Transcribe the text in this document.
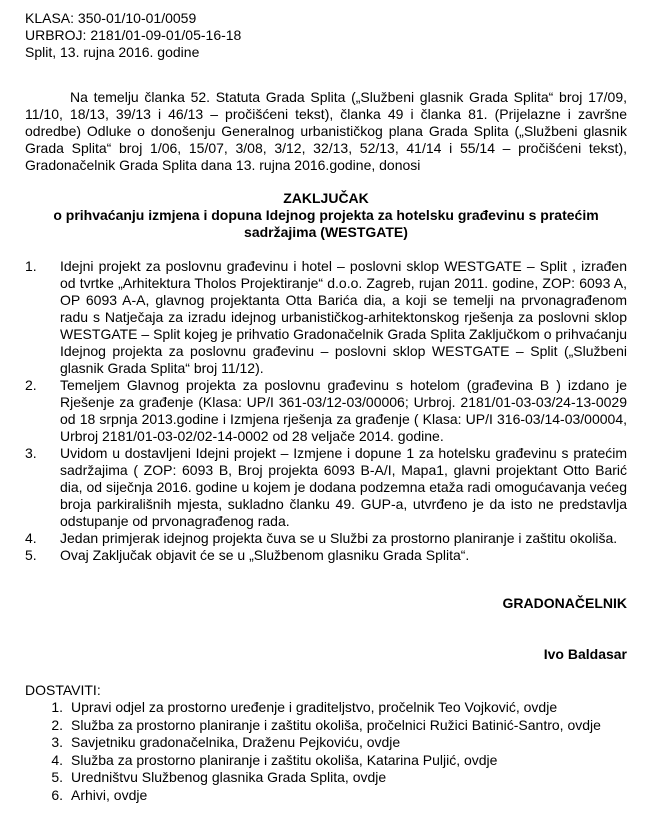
KLASA: 350-01/10-01/0059
URBROJ: 2181/01-09-01/05-16-18
Split, 13. rujna 2016. godine
Na temelju članka 52. Statuta Grada Splita („Službeni glasnik Grada Splita“ broj 17/09, 11/10, 18/13, 39/13 i 46/13 – pročišćeni tekst), članka 49 i članka 81. (Prijelazne i završne odredbe) Odluke o donošenju Generalnog urbanističkog plana Grada Splita („Službeni glasnik Grada Splita“ broj 1/06, 15/07, 3/08, 3/12, 32/13, 52/13, 41/14 i 55/14 – pročišćeni tekst), Gradonačelnik Grada Splita dana 13. rujna 2016.godine, donosi
ZAKLJUČAK
o prihvaćanju izmjena i dopuna Idejnog projekta za hotelsku građevinu s pratećim sadržajima (WESTGATE)
1.	Idejni projekt za poslovnu građevinu i hotel – poslovni sklop WESTGATE – Split , izrađen od tvrtke „Arhitektura Tholos Projektiranje“ d.o.o. Zagreb, rujan 2011. godine, ZOP: 6093 A, OP 6093 A-A, glavnog projektanta Otta Barića dia, a koji se temelji na prvonagrađenom radu s Natječaja za izradu idejnog urbanističkog-arhitektonskog rješenja za poslovni sklop WESTGATE – Split kojeg je prihvatio Gradonačelnik Grada Splita Zaključkom o prihvaćanju Idejnog projekta za poslovnu građevinu – poslovni sklop WESTGATE – Split („Službeni glasnik Grada Splita“ broj 11/12).
2.	Temeljem Glavnog projekta za poslovnu građevinu s hotelom (građevina B ) izdano je Rješenje za građenje (Klasa: UP/I 361-03/12-03/00006; Urbroj. 2181/01-03-03/24-13-0029 od 18 srpnja 2013.godine i Izmjena rješenja za građenje ( Klasa: UP/I 316-03/14-03/00004, Urbroj 2181/01-03-02/02-14-0002 od 28 veljače 2014. godine.
3.	Uvidom u dostavljeni Idejni projekt – Izmjene i dopune 1 za hotelsku građevinu s pratećim sadržajima ( ZOP: 6093 B, Broj projekta 6093 B-A/I, Mapa1, glavni projektant Otto Barić dia, od siječnja 2016. godine u kojem je dodana podzemna etaža radi omogućavanja većeg broja parkirališnih mjesta, sukladno članku 49. GUP-a, utvrđeno je da isto ne predstavlja odstupanje od prvonagrađenog rada.
4.	Jedan primjerak idejnog projekta čuva se u Službi za prostorno planiranje i zaštitu okoliša.
5.	Ovaj Zaključak objavit će se u „Službenom glasniku Grada Splita“.
GRADONAČELNIK
Ivo Baldasar
DOSTAVITI:
1. Upravi odjel za prostorno uređenje i graditeljstvo, pročelnik Teo Vojković, ovdje
2. Služba za prostorno planiranje i zaštitu okoliša, pročelnici Ružici Batinić-Santro, ovdje
3. Savjetniku gradonačelnika, Draženu Pejkoviću, ovdje
4. Služba za prostorno planiranje i zaštitu okoliša, Katarina Puljić, ovdje
5. Uredništvu Službenog glasnika Grada Splita, ovdje
6. Arhivi, ovdje
